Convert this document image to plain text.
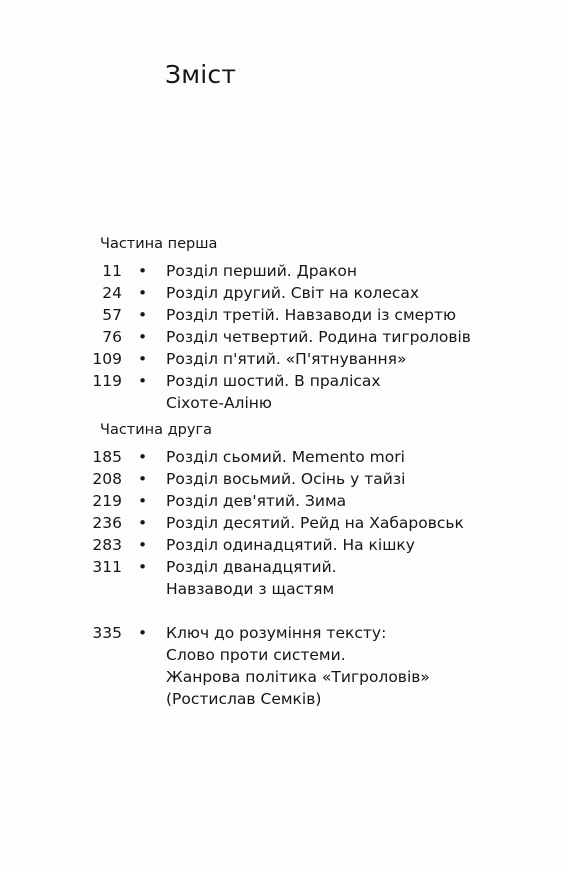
Зміст
Частина перша
11 • Розділ перший. Дракон
24 • Розділ другий. Світ на колесах
57 • Розділ третій. Навзаводи із смертю
76 • Розділ четвертий. Родина тигроловів
109 • Розділ п'ятий. «П'ятнування»
119 • Розділ шостий. В пралісах
Сіхоте-Аліню
Частина друга
185 • Розділ сьомий. Memento mori
208 • Розділ восьмий. Осінь у тайзі
219 • Розділ дев'ятий. Зима
236 • Розділ десятий. Рейд на Хабаровськ
283 • Розділ одинадцятий. На кішку
311 • Розділ дванадцятий.
Навзаводи з щастям
335 • Ключ до розуміння тексту:
Слово проти системи.
Жанрова політика «Тигроловів»
(Ростислав Семків)
